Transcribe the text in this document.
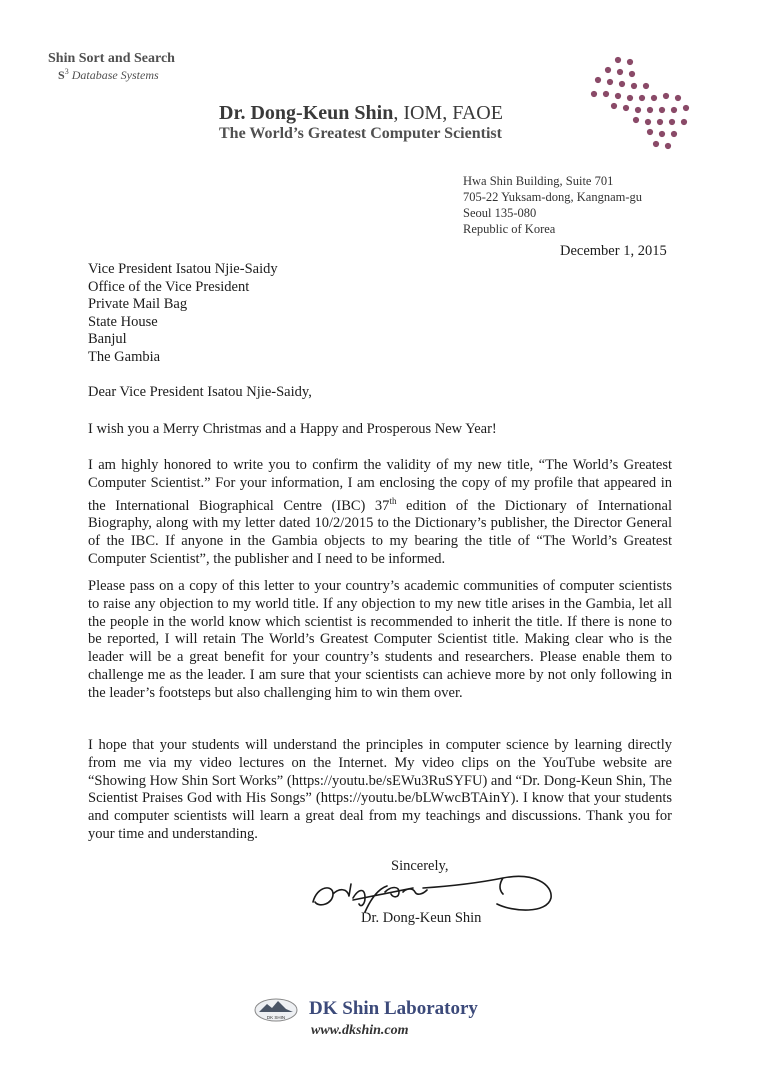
Shin Sort and Search
$S^3$ Database Systems
Dr. Dong-Keun Shin, IOM, FAOE
The World’s Greatest Computer Scientist
Hwa Shin Building, Suite 701
705-22 Yuksam-dong, Kangnam-gu
Seoul 135-080
Republic of Korea
December 1, 2015
Vice President Isatou Njie-Saidy
Office of the Vice President
Private Mail Bag
State House
Banjul
The Gambia
Dear Vice President Isatou Njie-Saidy,
I wish you a Merry Christmas and a Happy and Prosperous New Year!
I am highly honored to write you to confirm the validity of my new title, “The World’s Greatest Computer Scientist.” For your information, I am enclosing the copy of my profile that appeared in the International Biographical Centre (IBC) 37th edition of the Dictionary of International Biography, along with my letter dated 10/2/2015 to the Dictionary’s publisher, the Director General of the IBC. If anyone in the Gambia objects to my bearing the title of “The World’s Greatest Computer Scientist”, the publisher and I need to be informed.
Please pass on a copy of this letter to your country’s academic communities of computer scientists to raise any objection to my world title. If any objection to my new title arises in the Gambia, let all the people in the world know which scientist is recommended to inherit the title. If there is none to be reported, I will retain The World’s Greatest Computer Scientist title. Making clear who is the leader will be a great benefit for your country’s students and researchers. Please enable them to challenge me as the leader. I am sure that your scientists can achieve more by not only following in the leader’s footsteps but also challenging him to win them over.
I hope that your students will understand the principles in computer science by learning directly from me via my video lectures on the Internet. My video clips on the YouTube website are “Showing How Shin Sort Works” (https://youtu.be/sEWu3RuSYFU) and “Dr. Dong-Keun Shin, The Scientist Praises God with His Songs” (https://youtu.be/bLWwcBTAinY). I know that your students and computer scientists will learn a great deal from my teachings and discussions. Thank you for your time and understanding.
Sincerely,
Dr. Dong-Keun Shin
DK SHIN DK Shin Laboratory
www.dkshin.com
